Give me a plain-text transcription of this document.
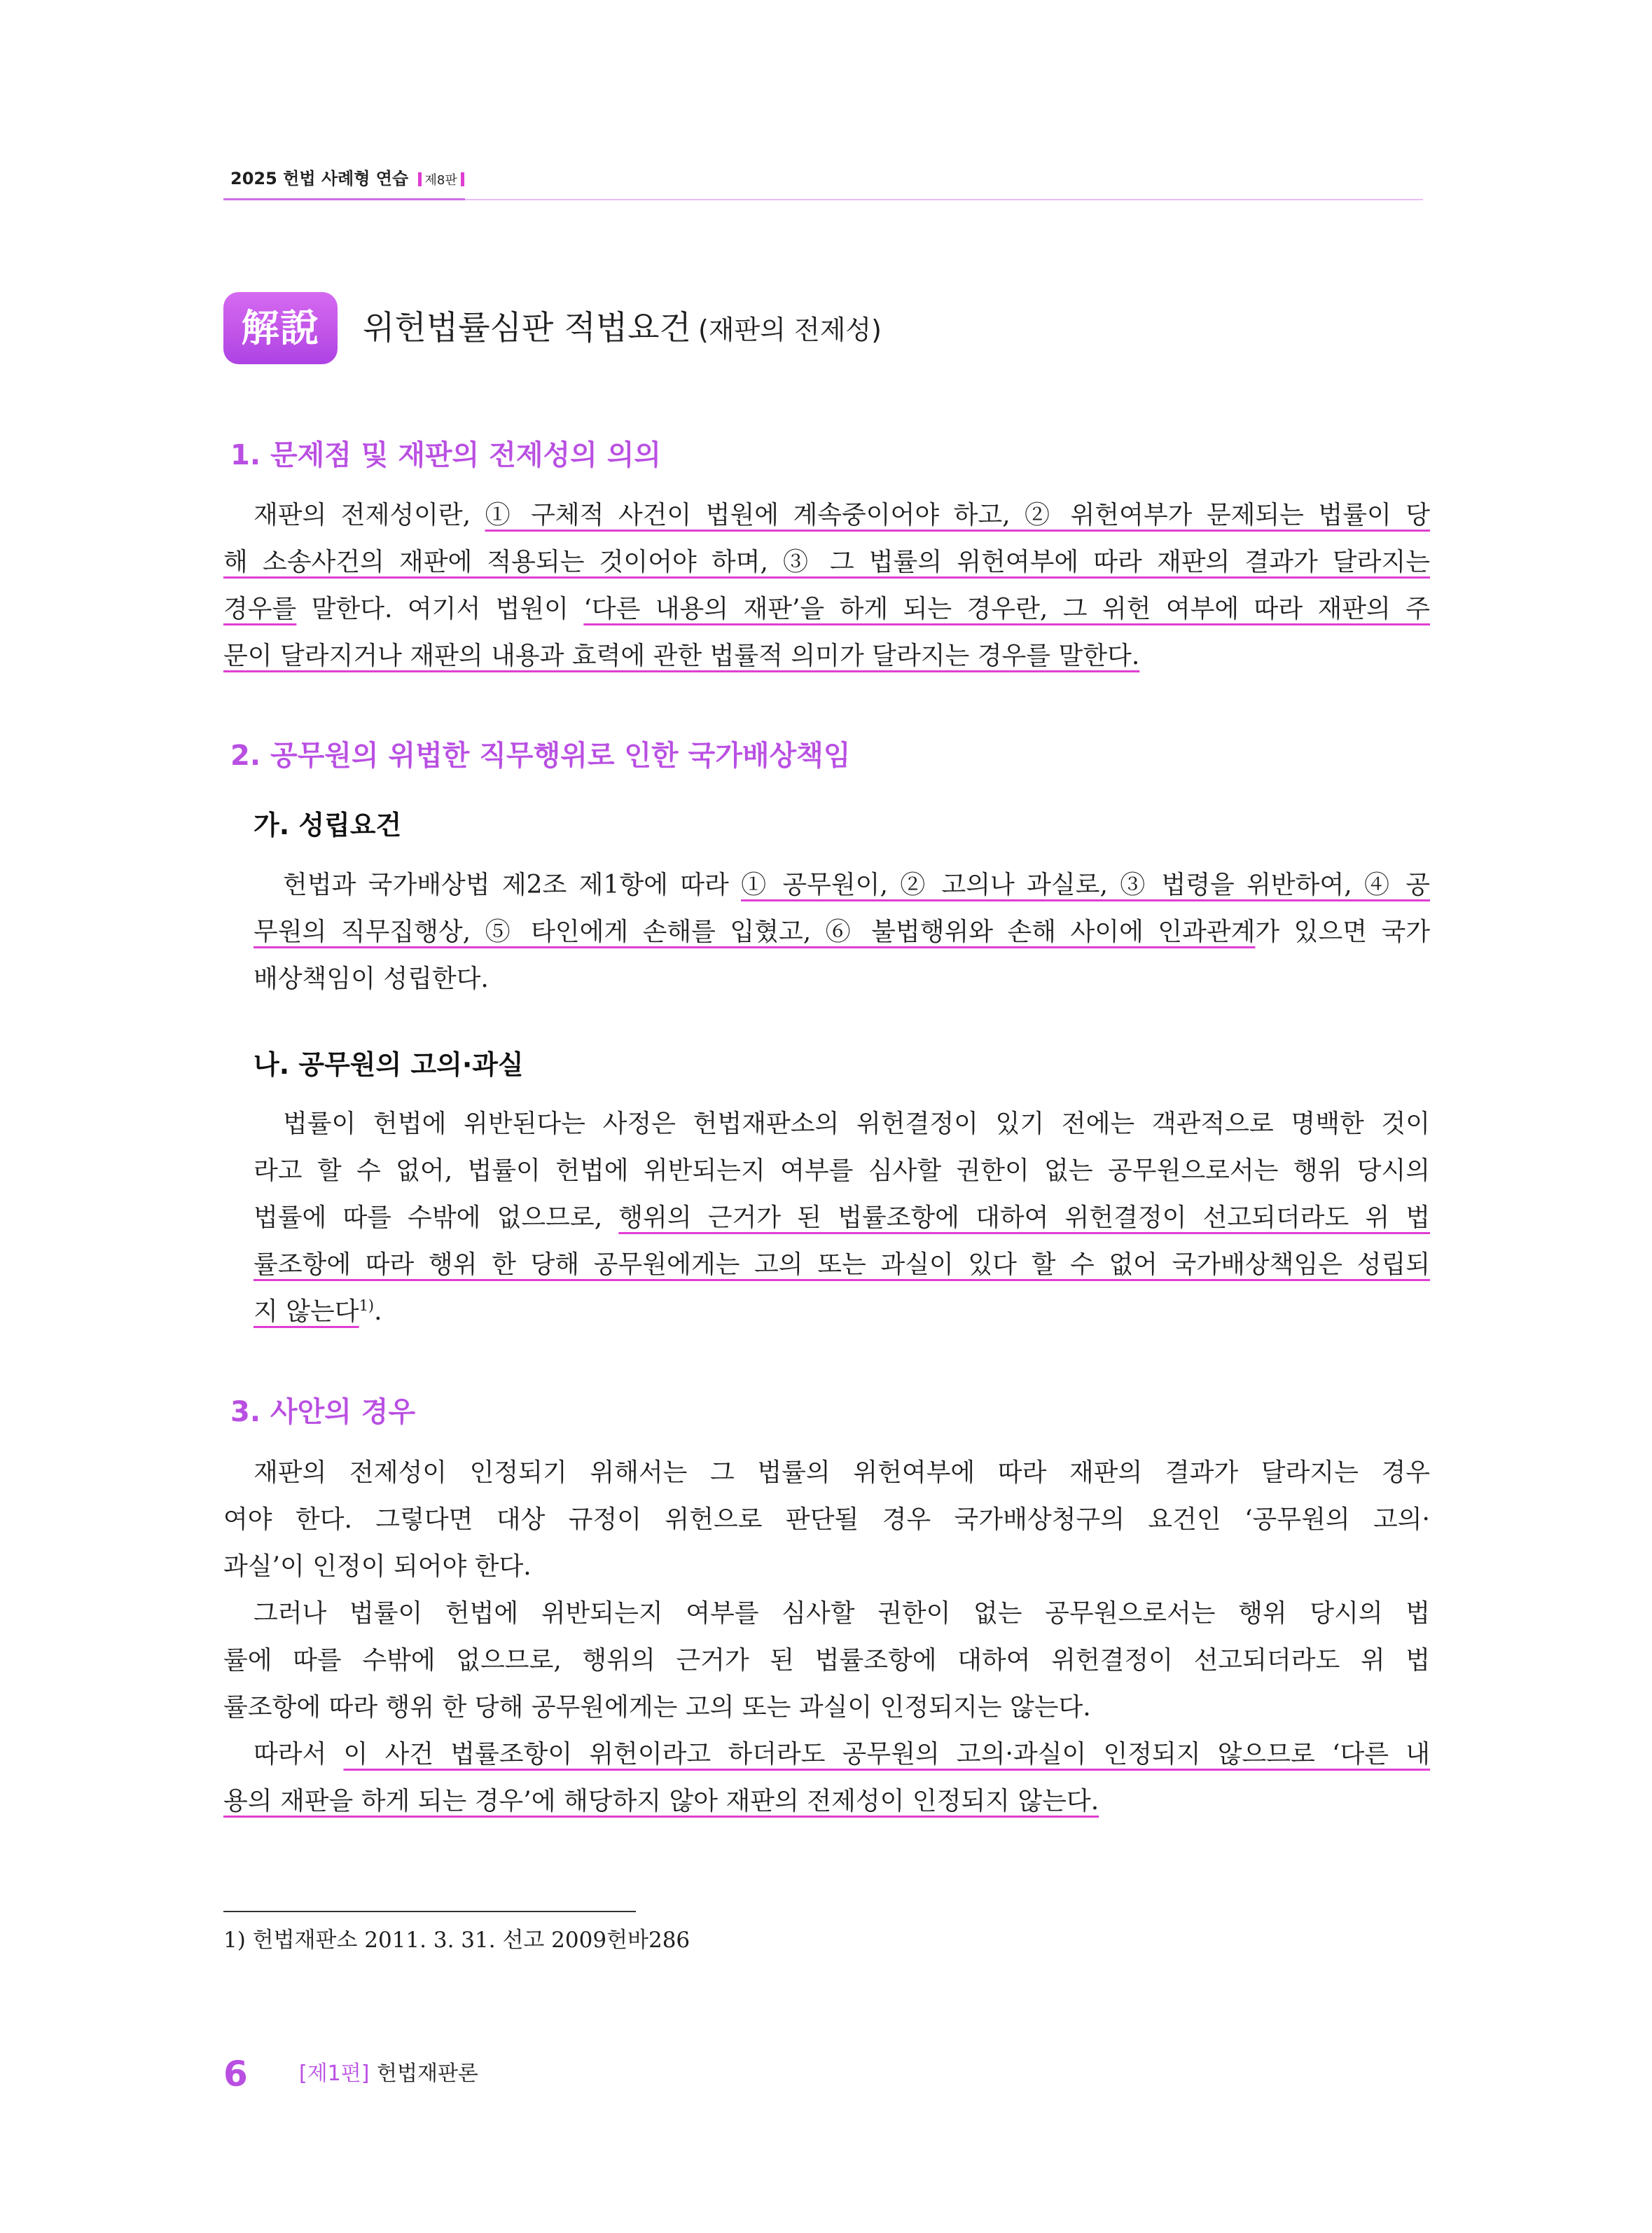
2025 헌법 사례형 연습 제8판
解說	위헌법률심판 적법요건 (재판의 전제성)
1. 문제점 및 재판의 전제성의 의의
재판의 전제성이란, ① 구체적 사건이 법원에 계속중이어야 하고, ② 위헌여부가 문제되는 법률이 당
해 소송사건의 재판에 적용되는 것이어야 하며, ③ 그 법률의 위헌여부에 따라 재판의 결과가 달라지는
경우를 말한다. 여기서 법원이 ‘다른 내용의 재판’을 하게 되는 경우란, 그 위헌 여부에 따라 재판의 주
문이 달라지거나 재판의 내용과 효력에 관한 법률적 의미가 달라지는 경우를 말한다.
2. 공무원의 위법한 직무행위로 인한 국가배상책임
가. 성립요건
헌법과 국가배상법 제2조 제1항에 따라 ① 공무원이, ② 고의나 과실로, ③ 법령을 위반하여, ④ 공
무원의 직무집행상, ⑤ 타인에게 손해를 입혔고, ⑥ 불법행위와 손해 사이에 인과관계가 있으면 국가
배상책임이 성립한다.
나. 공무원의 고의·과실
법률이 헌법에 위반된다는 사정은 헌법재판소의 위헌결정이 있기 전에는 객관적으로 명백한 것이
라고 할 수 없어, 법률이 헌법에 위반되는지 여부를 심사할 권한이 없는 공무원으로서는 행위 당시의
법률에 따를 수밖에 없으므로, 행위의 근거가 된 법률조항에 대하여 위헌결정이 선고되더라도 위 법
률조항에 따라 행위 한 당해 공무원에게는 고의 또는 과실이 있다 할 수 없어 국가배상책임은 성립되
지 않는다$^{1)}$.
3. 사안의 경우
재판의 전제성이 인정되기 위해서는 그 법률의 위헌여부에 따라 재판의 결과가 달라지는 경우
여야 한다. 그렇다면 대상 규정이 위헌으로 판단될 경우 국가배상청구의 요건인 ‘공무원의 고의·
과실’이 인정이 되어야 한다.
그러나 법률이 헌법에 위반되는지 여부를 심사할 권한이 없는 공무원으로서는 행위 당시의 법
률에 따를 수밖에 없으므로, 행위의 근거가 된 법률조항에 대하여 위헌결정이 선고되더라도 위 법
률조항에 따라 행위 한 당해 공무원에게는 고의 또는 과실이 인정되지는 않는다.
따라서 이 사건 법률조항이 위헌이라고 하더라도 공무원의 고의·과실이 인정되지 않으므로 ‘다른 내
용의 재판을 하게 되는 경우’에 해당하지 않아 재판의 전제성이 인정되지 않는다.
1) 헌법재판소 2011. 3. 31. 선고 2009헌바286
6 [제1편] 헌법재판론
